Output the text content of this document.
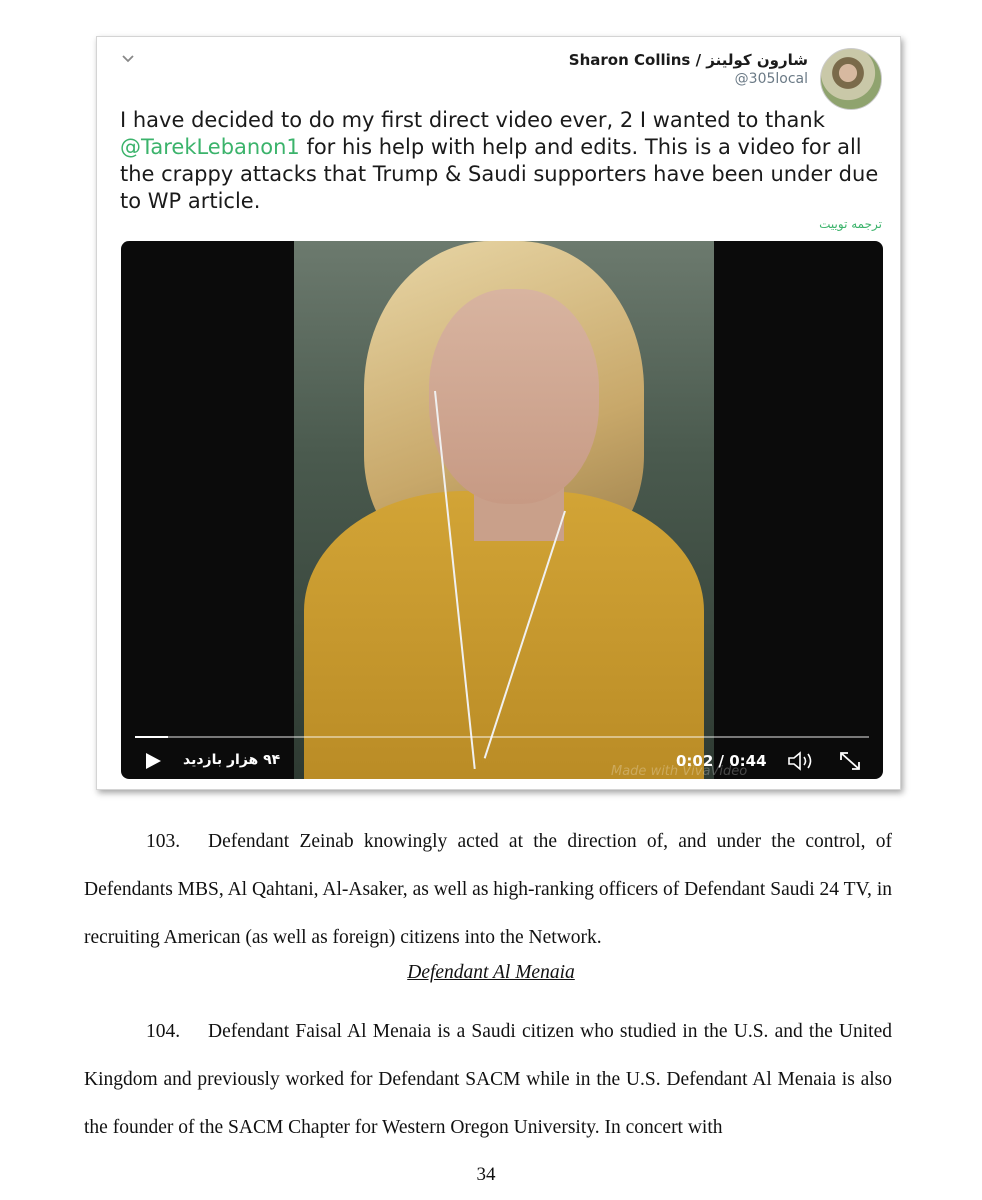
Sharon Collins / شارون کولینز
@305local
I have decided to do my first direct video ever, 2 I wanted to thank @TarekLebanon1 for his help with help and edits. This is a video for all the crappy attacks that Trump & Saudi supporters have been under due to WP article.
ترجمه توییت
۹۴ هزار بازدید
Made with VivaVideo
0:02 / 0:44
103. Defendant Zeinab knowingly acted at the direction of, and under the control, of Defendants MBS, Al Qahtani, Al-Asaker, as well as high-ranking officers of Defendant Saudi 24 TV, in recruiting American (as well as foreign) citizens into the Network.
Defendant Al Menaia
104. Defendant Faisal Al Menaia is a Saudi citizen who studied in the U.S. and the United Kingdom and previously worked for Defendant SACM while in the U.S. Defendant Al Menaia is also the founder of the SACM Chapter for Western Oregon University. In concert with
34
